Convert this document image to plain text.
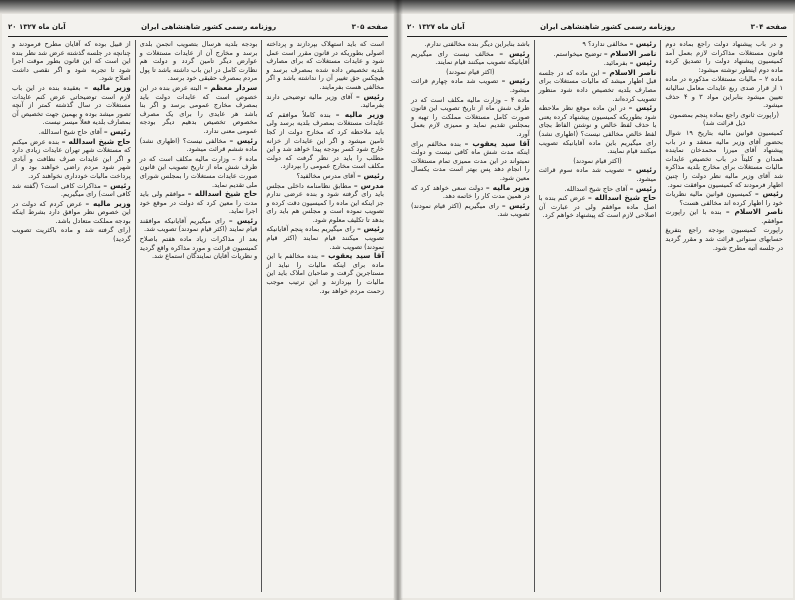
۲۰ آبان ماه ۱۳۲۷	روزنامه رسمی کشور شاهنشاهی ایران	صفحه ۳۰۵

است که باید استهلاک بپردازند و پرداخته اصولی بطوریکه در قانون مقرر است عمل شود و عایدات مستغلات که برای مصارف بلدیه تخصیص داده شده بمصرف برسد و هیچکس حق تغییر آن را نداشته باشد و اگر مخالفی هست بفرمایند.

رئیس – آقای وزیر مالیه توضیحی دارند بفرمائید.

وزیر مالیه – بنده کاملاً موافقم که عایدات مستغلات بمصرف بلدیه برسد ولی باید ملاحظه کرد که مخارج دولت از کجا تامین میشود و اگر این عایدات از خزانه خارج شود کسر بودجه پیدا خواهد شد و این مطلب را باید در نظر گرفت که دولت مکلف است مخارج عمومی را بپردازد.

رئیس – آقای مدرس مخالفید؟

مدرس – مطابق نظامنامه داخلی مجلس باید رای گرفته شود و بنده عرضی ندارم جز اینکه این ماده را کمیسیون دقت کرده و تصویب نموده است و مجلس هم باید رای بدهد تا تکلیف معلوم شود.

رئیس – رای میگیریم بماده پنجم آقایانیکه تصویب میکنند قیام نمایند (اکثر قیام نمودند) تصویب شد.

آقا سید یعقوب – بنده مخالفم با این ماده برای اینکه مالیات را نباید از مستاجرین گرفت و صاحبان املاک باید این مالیات را بپردازند و این ترتیب موجب زحمت مردم خواهد بود.

بودجه بلدیه هرسال بتصویب انجمن بلدی برسد و مخارج آن از عایدات مستغلات و عوارض دیگر تامین گردد و دولت هم نظارت کامل در این باب داشته باشد تا پول مردم بمصرف حقیقی خود برسد.

سردار معظم – البته عرض بنده در این خصوص است که عایدات دولت باید بمصرف مخارج عمومی برسد و اگر بنا باشد هر عایدی را برای یک مصرف مخصوص تخصیص بدهیم دیگر بودجه عمومی معنی ندارد.

رئیس – مخالفی نیست؟ (اظهاری نشد) ماده ششم قرائت میشود.

ماده ۶ – وزارت مالیه مکلف است که در ظرف شش ماه از تاریخ تصویب این قانون صورت عایدات مستغلات را بمجلس شورای ملی تقدیم نماید.

حاج شیخ اسدالله – موافقم ولی باید مدت را معین کرد که دولت در موقع خود اجرا نماید.

رئیس – رای میگیریم آقایانیکه موافقند قیام نمایند (اکثر قیام نمودند) تصویب شد.

بعد از مذاکرات زیاد ماده هفتم باصلاح کمیسیون قرائت و مورد مذاکره واقع گردید و نظریات آقایان نمایندگان استماع شد.

از قبیل بوده که آقایان مطرح فرمودند و چنانچه در جلسه گذشته عرض شد نظر بنده این است که این قانون بطور موقت اجرا شود تا تجربه شود و اگر نقصی داشت اصلاح شود.

وزیر مالیه – بعقیده بنده در این باب لازم است توضیحاتی عرض کنم عایدات مستغلات در سال گذشته کمتر از آنچه تصور میشد بوده و بهمین جهت تخصیص آن بمصارف بلدیه فعلاً میسر نیست.

رئیس – آقای حاج شیخ اسدالله.

حاج شیخ اسدالله – بنده عرض میکنم که مستغلات شهر تهران عایدات زیادی دارد و اگر این عایدات صرف نظافت و آبادی شهر شود مردم راضی خواهند بود و از پرداخت مالیات خودداری نخواهند کرد.

رئیس – مذاکرات کافی است؟ (گفته شد کافی است) رای میگیریم.

وزیر مالیه – عرض کردم که دولت در این خصوص نظر موافق دارد بشرط اینکه بودجه مملکت متعادل باشد.

(رای گرفته شد و ماده باکثریت تصویب گردید)

۲۰ آبان ماه ۱۳۲۷	روزنامه رسمی کشور شاهنشاهی ایران	صفحه ۳۰۴

و در باب پیشنهاد دولت راجع بماده دوم قانون مستغلات مذاکرات لازم بعمل آمد کمیسیون پیشنهاد دولت را تصدیق کرده ماده دوم اینطور نوشته میشود:

ماده ۲ – مالیات مستغلات مذکوره در ماده ۱ از قرار صدی ربع عایدات معامل سالیانه تعیین میشود بنابراین مواد ۳ و ۴ حذف میشود.

(راپورت ثانوی راجع بماده پنجم بمضمون ذیل قرائت شد)

کمیسیون قوانین مالیه بتاریخ ۱۹ شوال بحضور آقای وزیر مالیه منعقد و در باب پیشنهاد آقای میرزا محمدخان نماینده همدان و کلیتاً در باب تخصیص عایدات مالیات مستغلات برای مخارج بلدیه مذاکره شد آقای وزیر مالیه نظر دولت را چنین اظهار فرمودند که کمیسیون موافقت نمود.

رئیس – کمیسیون قوانین مالیه نظریات خود را اظهار کرده اند مخالفی هست؟

ناصر الاسلام – بنده با این راپورت موافقم.

راپورت کمیسیون بودجه راجع بتفریغ حسابهای سنواتی قرائت شد و مقرر گردید در جلسه آتیه مطرح شود.

رئیس – مخالفی ندارد؟ ۹

ناصر الاسلام – توضیح میخواستم.

رئیس – بفرمائید.

ناصر الاسلام – این ماده که در جلسه قبل اظهار میشد که مالیات مستغلات برای مصارف بلدیه تخصیص داده شود منظور تصویب کرده‌اند.

رئیس – در این ماده موقع نظر ملاحظه شود بطوریکه کمیسیون پیشنهاد کرده یعنی با حذف لفظ خالص و نوشتن الفاظ بجای لفظ خالص مخالفی نیست؟ (اظهاری نشد) رای میگیریم باین ماده آقایانیکه تصویب میکنند قیام نمایند.

(اکثر قیام نمودند)

رئیس – تصویب شد ماده سوم قرائت میشود.

رئیس – آقای حاج شیخ اسدالله.

حاج شیخ اسدالله – عرض کنم بنده با اصل ماده موافقم ولی در عبارت آن اصلاحی لازم است که پیشنهاد خواهم کرد.

باشد بنابراین دیگر بنده مخالفتی ندارم.

رئیس – مخالف نیست رای میگیریم آقایانیکه تصویب میکنند قیام نمایند.

(اکثر قیام نمودند)

رئیس – تصویب شد ماده چهارم قرائت میشود.

ماده ۴ – وزارت مالیه مکلف است که در ظرف شش ماه از تاریخ تصویب این قانون صورت کامل مستغلات مملکت را تهیه و بمجلس تقدیم نماید و ممیزی لازم بعمل آورد.

آقا سید یعقوب – بنده مخالفم برای اینکه مدت شش ماه کافی نیست و دولت نمیتواند در این مدت ممیزی تمام مستغلات را انجام دهد پس بهتر است مدت یکسال معین شود.

وزیر مالیه – دولت سعی خواهد کرد که در همین مدت کار را خاتمه دهد.

رئیس – رای میگیریم (اکثر قیام نمودند) تصویب شد.
